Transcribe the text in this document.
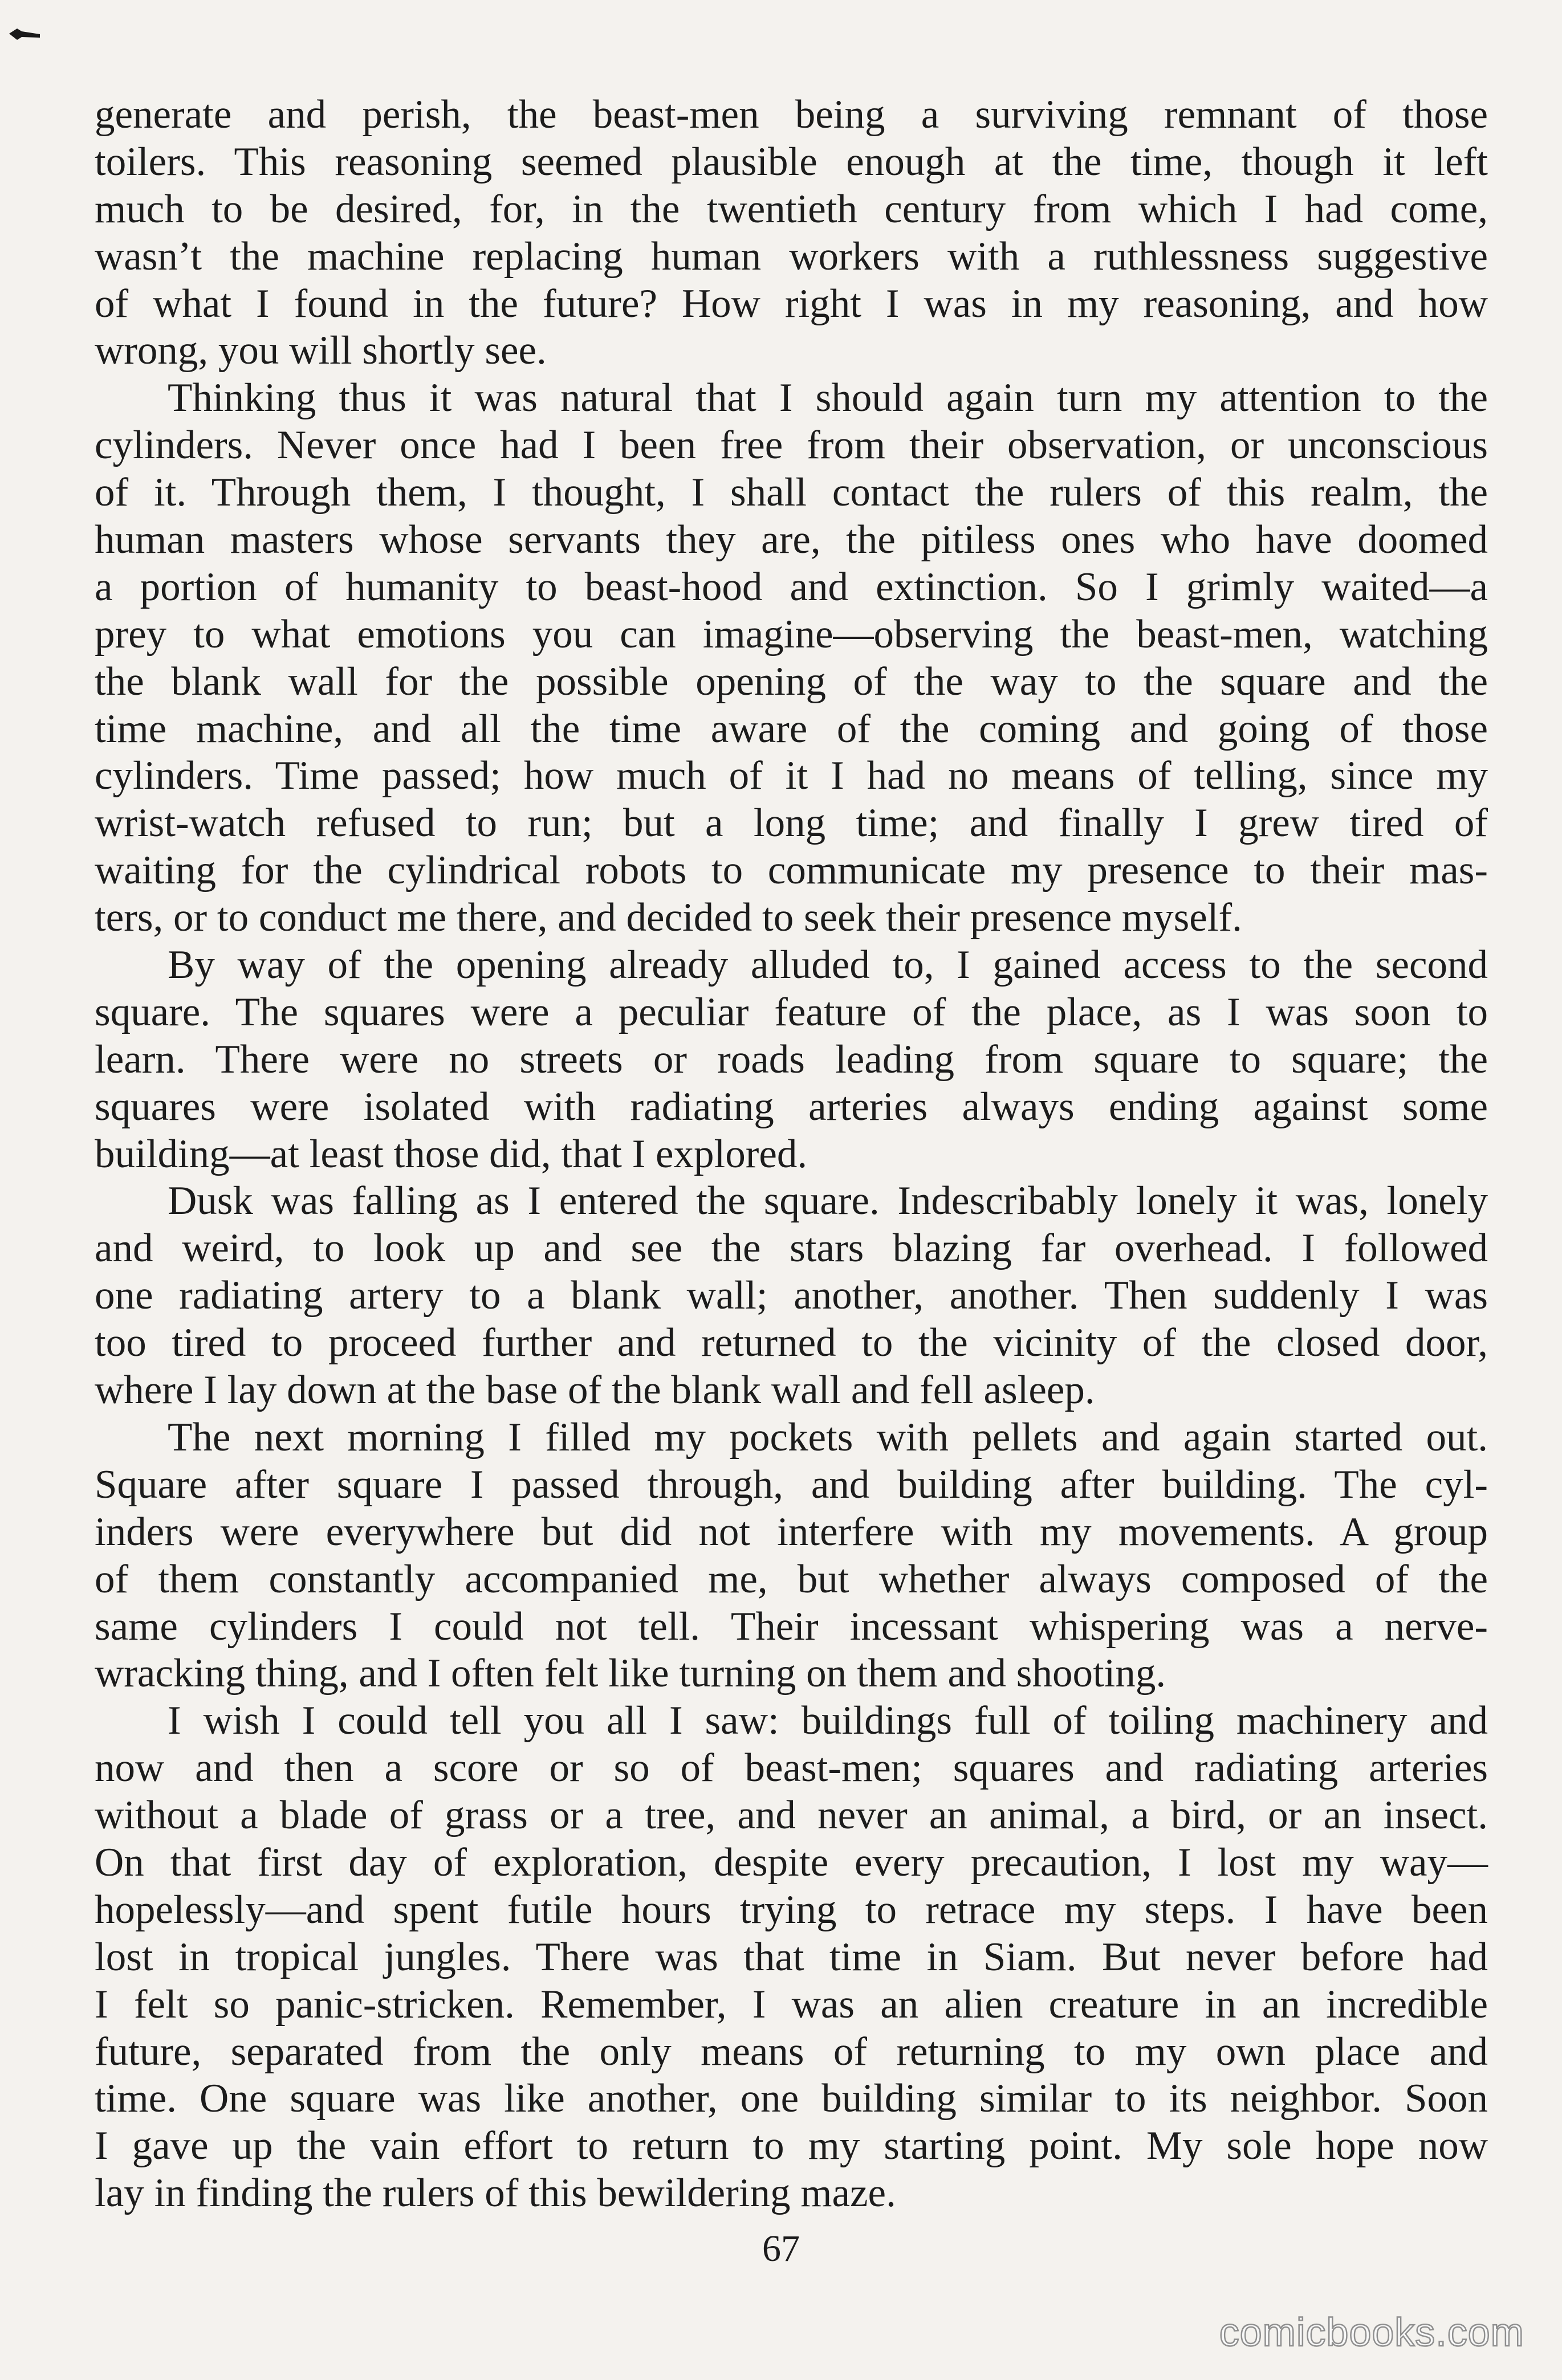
generate and perish, the beast-men being a surviving remnant of those
toilers. This reasoning seemed plausible enough at the time, though it left
much to be desired, for, in the twentieth century from which I had come,
wasn’t the machine replacing human workers with a ruthlessness suggestive
of what I found in the future? How right I was in my reasoning, and how
wrong, you will shortly see.
Thinking thus it was natural that I should again turn my attention to the
cylinders. Never once had I been free from their observation, or unconscious
of it. Through them, I thought, I shall contact the rulers of this realm, the
human masters whose servants they are, the pitiless ones who have doomed
a portion of humanity to beast-hood and extinction. So I grimly waited—a
prey to what emotions you can imagine—observing the beast-men, watching
the blank wall for the possible opening of the way to the square and the
time machine, and all the time aware of the coming and going of those
cylinders. Time passed; how much of it I had no means of telling, since my
wrist-watch refused to run; but a long time; and finally I grew tired of
waiting for the cylindrical robots to communicate my presence to their mas-
ters, or to conduct me there, and decided to seek their presence myself.
By way of the opening already alluded to, I gained access to the second
square. The squares were a peculiar feature of the place, as I was soon to
learn. There were no streets or roads leading from square to square; the
squares were isolated with radiating arteries always ending against some
building—at least those did, that I explored.
Dusk was falling as I entered the square. Indescribably lonely it was, lonely
and weird, to look up and see the stars blazing far overhead. I followed
one radiating artery to a blank wall; another, another. Then suddenly I was
too tired to proceed further and returned to the vicinity of the closed door,
where I lay down at the base of the blank wall and fell asleep.
The next morning I filled my pockets with pellets and again started out.
Square after square I passed through, and building after building. The cyl-
inders were everywhere but did not interfere with my movements. A group
of them constantly accompanied me, but whether always composed of the
same cylinders I could not tell. Their incessant whispering was a nerve-
wracking thing, and I often felt like turning on them and shooting.
I wish I could tell you all I saw: buildings full of toiling machinery and
now and then a score or so of beast-men; squares and radiating arteries
without a blade of grass or a tree, and never an animal, a bird, or an insect.
On that first day of exploration, despite every precaution, I lost my way—
hopelessly—and spent futile hours trying to retrace my steps. I have been
lost in tropical jungles. There was that time in Siam. But never before had
I felt so panic-stricken. Remember, I was an alien creature in an incredible
future, separated from the only means of returning to my own place and
time. One square was like another, one building similar to its neighbor. Soon
I gave up the vain effort to return to my starting point. My sole hope now
lay in finding the rulers of this bewildering maze.
67
comicbooks.com
